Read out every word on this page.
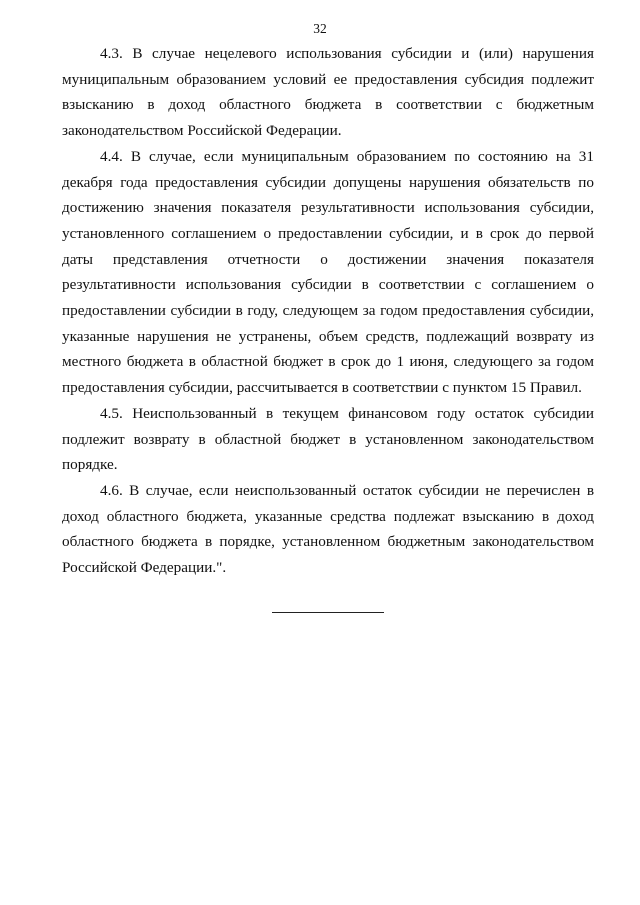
32

4.3. В случае нецелевого использования субсидии и (или) нарушения муниципальным образованием условий ее предоставления субсидия подлежит взысканию в доход областного бюджета в соответствии с бюджетным законодательством Российской Федерации.

4.4. В случае, если муниципальным образованием по состоянию на 31 декабря года предоставления субсидии допущены нарушения обязательств по достижению значения показателя результативности использования субсидии, установленного соглашением о предоставлении субсидии, и в срок до первой даты представления отчетности о достижении значения показателя результативности использования субсидии в соответствии с соглашением о предоставлении субсидии в году, следующем за годом предоставления субсидии, указанные нарушения не устранены, объем средств, подлежащий возврату из местного бюджета в областной бюджет в срок до 1 июня, следующего за годом предоставления субсидии, рассчитывается в соответствии с пунктом 15 Правил.

4.5. Неиспользованный в текущем финансовом году остаток субсидии подлежит возврату в областной бюджет в установленном законодательством порядке.

4.6. В случае, если неиспользованный остаток субсидии не перечислен в доход областного бюджета, указанные средства подлежат взысканию в доход областного бюджета в порядке, установленном бюджетным законодательством Российской Федерации.".
